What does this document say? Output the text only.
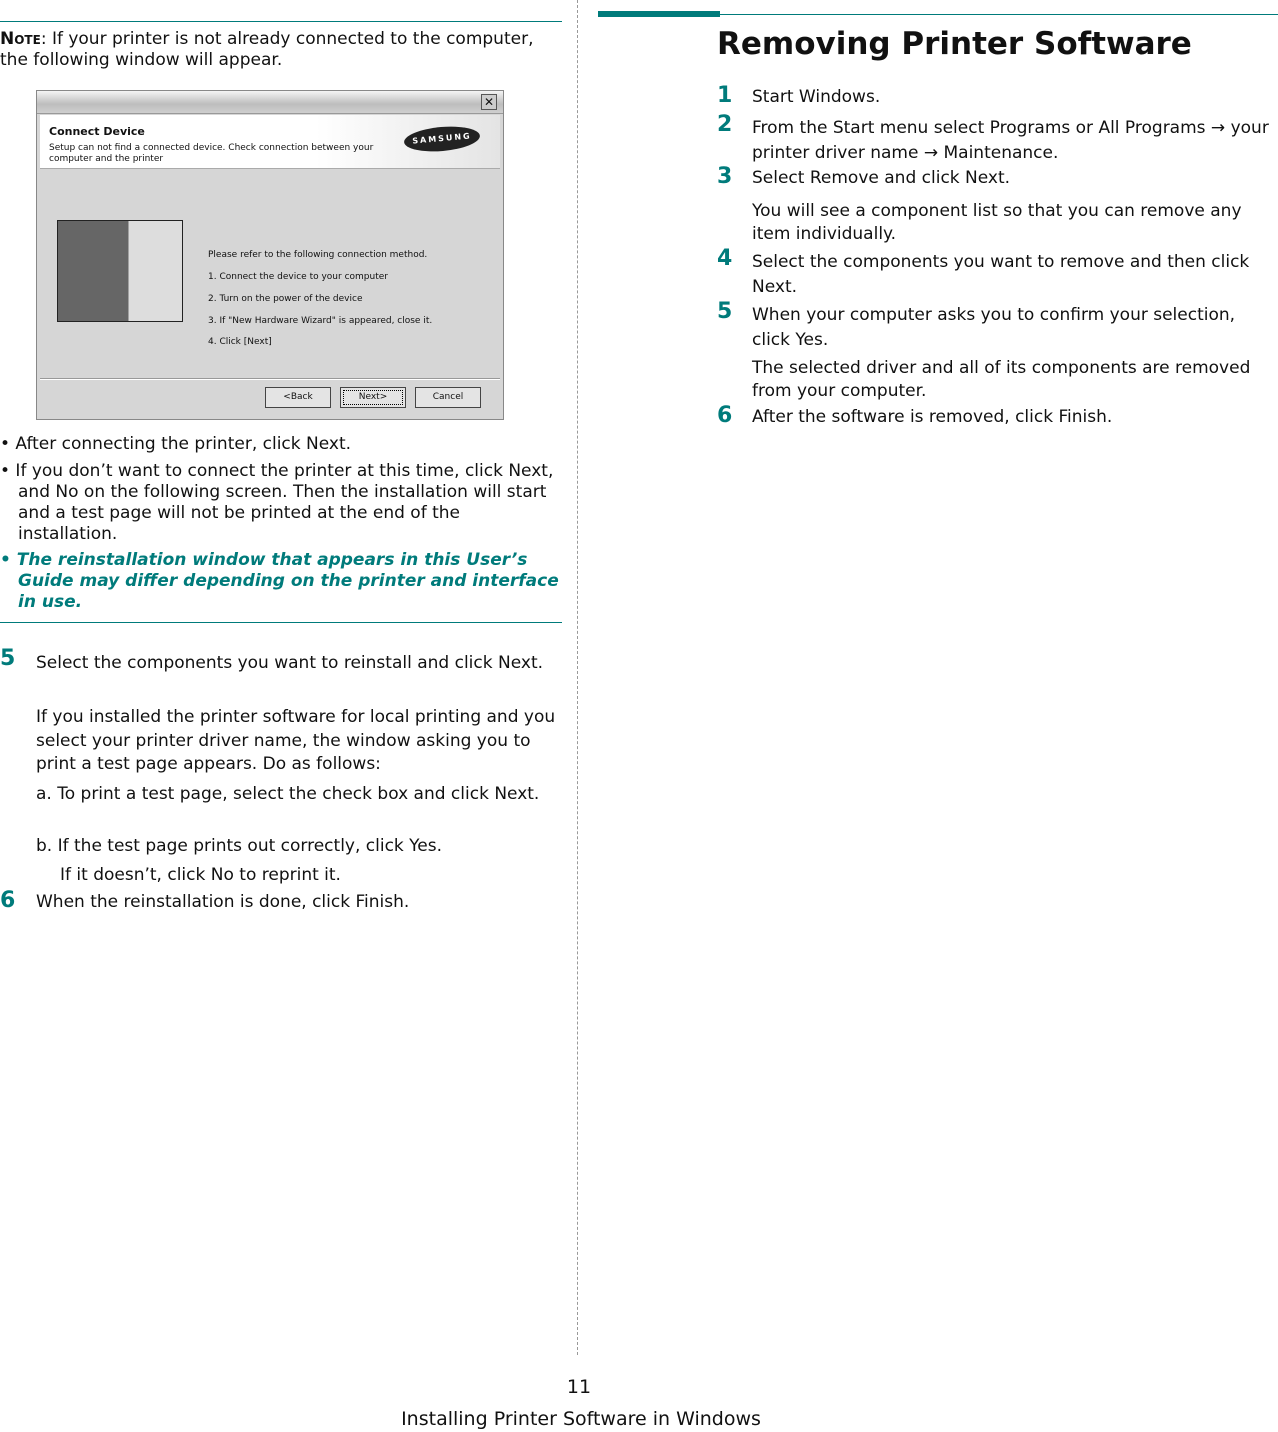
Note: If your printer is not already connected to the computer, the following window will appear.
✕
Connect Device
Setup can not find a connected device. Check connection between your computer and the printer
SAMSUNG
Please refer to the following connection method.
1. Connect the device to your computer
2. Turn on the power of the device
3. If "New Hardware Wizard" is appeared, close it.
4. Click [Next]
<Back	Next>	Cancel
• After connecting the printer, click Next.
• If you don’t want to connect the printer at this time, click Next, and No on the following screen. Then the installation will start and a test page will not be printed at the end of the installation.
• The reinstallation window that appears in this User’s Guide may differ depending on the printer and interface in use.
5 Select the components you want to reinstall and click Next.
If you installed the printer software for local printing and you select your printer driver name, the window asking you to print a test page appears. Do as follows:
a. To print a test page, select the check box and click Next.
b. If the test page prints out correctly, click Yes.
If it doesn’t, click No to reprint it.
6 When the reinstallation is done, click Finish.
Removing Printer Software
1 Start Windows.
2 From the Start menu select Programs or All Programs → your printer driver name → Maintenance.
3 Select Remove and click Next.
You will see a component list so that you can remove any item individually.
4 Select the components you want to remove and then click Next.
5 When your computer asks you to confirm your selection, click Yes.
The selected driver and all of its components are removed from your computer.
6 After the software is removed, click Finish.
11
Installing Printer Software in Windows
